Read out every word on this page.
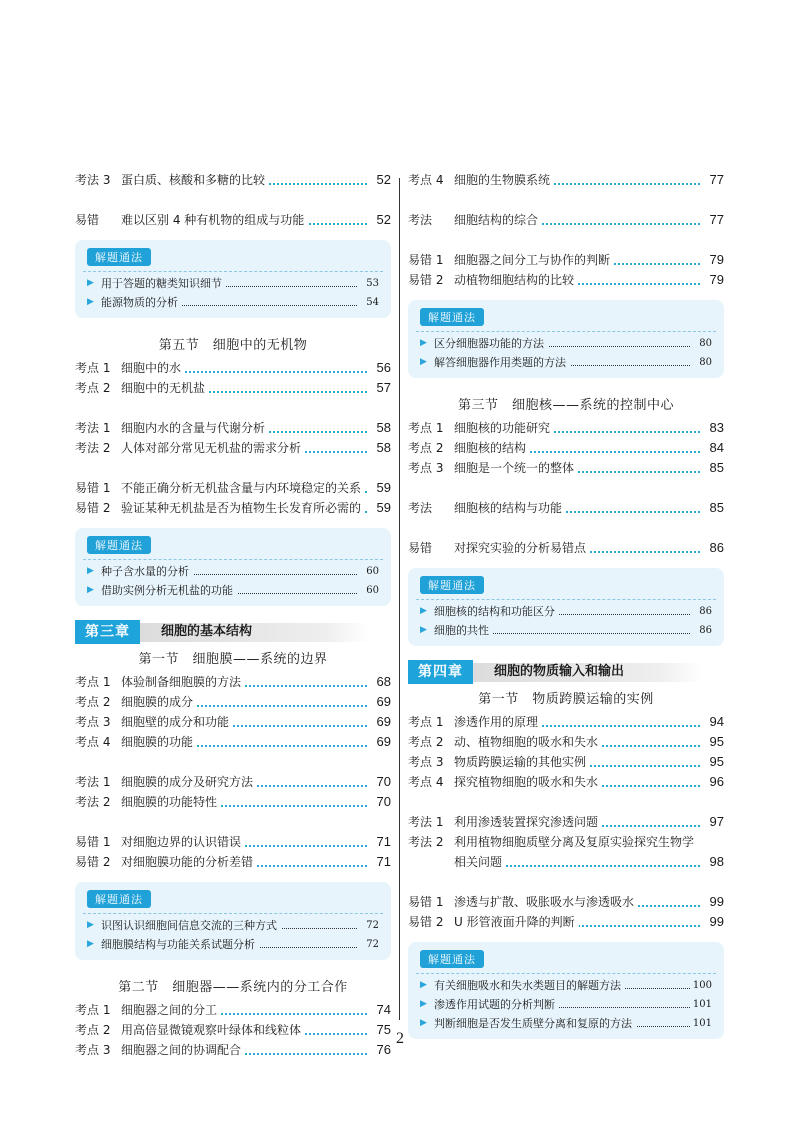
考法 3 蛋白质、核酸和多糖的比较	52
易错 难以区别 4 种有机物的组成与功能	52
解题通法
▶ 用于答题的糖类知识细节	53
▶ 能源物质的分析	54
第五节　细胞中的无机物
考点 1 细胞中的水	56
考点 2 细胞中的无机盐	57
考法 1 细胞内水的含量与代谢分析	58
考法 2 人体对部分常见无机盐的需求分析	58
易错 1 不能正确分析无机盐含量与内环境稳定的关系	59
易错 2 验证某种无机盐是否为植物生长发育所必需的	59
解题通法
▶ 种子含水量的分析	60
▶ 借助实例分析无机盐的功能	60
第三章	细胞的基本结构
第一节　细胞膜——系统的边界
考点 1 体验制备细胞膜的方法	68
考点 2 细胞膜的成分	69
考点 3 细胞壁的成分和功能	69
考点 4 细胞膜的功能	69
考法 1 细胞膜的成分及研究方法	70
考法 2 细胞膜的功能特性	70
易错 1 对细胞边界的认识错误	71
易错 2 对细胞膜功能的分析差错	71
解题通法
▶ 识图认识细胞间信息交流的三种方式	72
▶ 细胞膜结构与功能关系试题分析	72
第二节　细胞器——系统内的分工合作
考点 1 细胞器之间的分工	74
考点 2 用高倍显微镜观察叶绿体和线粒体	75
考点 3 细胞器之间的协调配合	76
考点 4 细胞的生物膜系统	77
考法 细胞结构的综合	77
易错 1 细胞器之间分工与协作的判断	79
易错 2 动植物细胞结构的比较	79
解题通法
▶ 区分细胞器功能的方法	80
▶ 解答细胞器作用类题的方法	80
第三节　细胞核——系统的控制中心
考点 1 细胞核的功能研究	83
考点 2 细胞核的结构	84
考点 3 细胞是一个统一的整体	85
考法 细胞核的结构与功能	85
易错 对探究实验的分析易错点	86
解题通法
▶ 细胞核的结构和功能区分	86
▶ 细胞的共性	86
第四章	细胞的物质输入和输出
第一节　物质跨膜运输的实例
考点 1 渗透作用的原理	94
考点 2 动、植物细胞的吸水和失水	95
考点 3 物质跨膜运输的其他实例	95
考点 4 探究植物细胞的吸水和失水	96
考法 1 利用渗透装置探究渗透问题	97
考法 2 利用植物细胞质壁分离及复原实验探究生物学
相关问题	98
易错 1 渗透与扩散、吸胀吸水与渗透吸水	99
易错 2 U 形管液面升降的判断	99
解题通法
▶ 有关细胞吸水和失水类题目的解题方法	100
▶ 渗透作用试题的分析判断	101
▶ 判断细胞是否发生质壁分离和复原的方法	101
2
